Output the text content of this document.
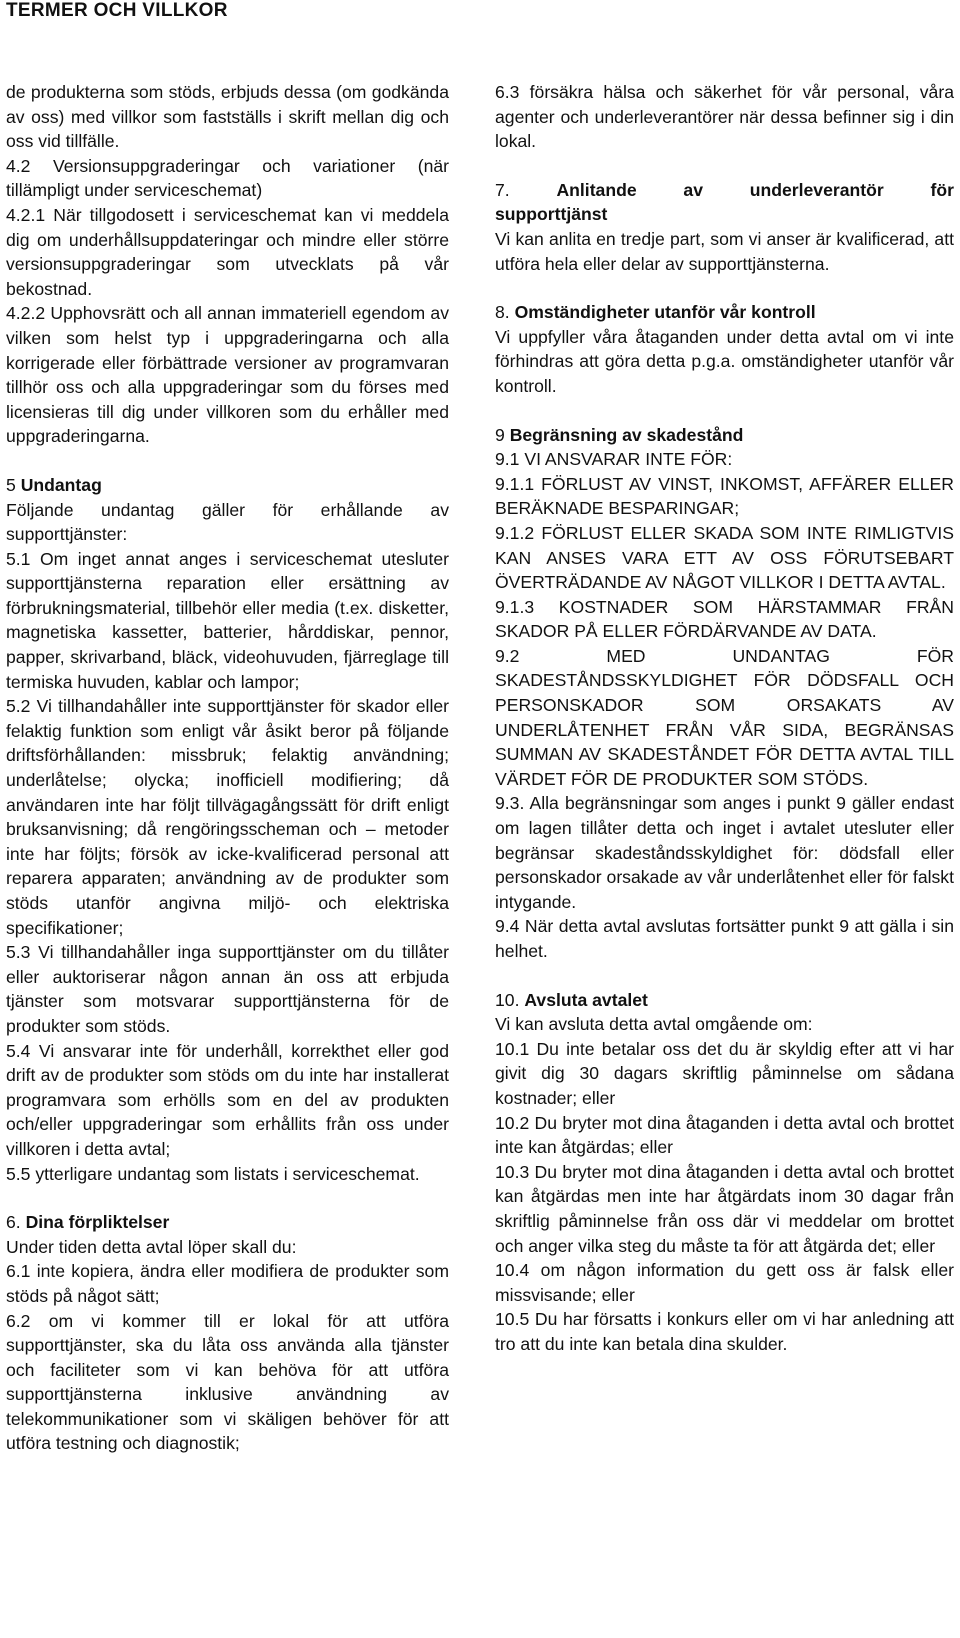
TERMER OCH VILLKOR

de produkterna som stöds, erbjuds dessa (om godkända av oss) med villkor som fastställs i skrift mellan dig och oss vid tillfälle.

4.2 Versionsuppgraderingar och variationer (när tillämpligt under serviceschemat)

4.2.1 När tillgodosett i serviceschemat kan vi meddela dig om underhållsuppdateringar och mindre eller större versionsuppgraderingar som utvecklats på vår bekostnad.

4.2.2 Upphovsrätt och all annan immateriell egendom av vilken som helst typ i uppgraderingarna och alla korrigerade eller förbättrade versioner av programvaran tillhör oss och alla uppgraderingar som du förses med licensieras till dig under villkoren som du erhåller med uppgraderingarna.

5 Undantag

Följande undantag gäller för erhållande av supporttjänster:

5.1 Om inget annat anges i serviceschemat utesluter supporttjänsterna reparation eller ersättning av förbrukningsmaterial, tillbehör eller media (t.ex. disketter, magnetiska kassetter, batterier, hårddiskar, pennor, papper, skrivarband, bläck, videohuvuden, fjärreglage till termiska huvuden, kablar och lampor;

5.2 Vi tillhandahåller inte supporttjänster för skador eller felaktig funktion som enligt vår åsikt beror på följande driftsförhållanden: missbruk; felaktig användning; underlåtelse; olycka; inofficiell modifiering; då användaren inte har följt tillvägagångssätt för drift enligt bruksanvisning; då rengöringsscheman och – metoder inte har följts; försök av icke-kvalificerad personal att reparera apparaten; användning av de produkter som stöds utanför angivna miljö- och elektriska specifikationer;

5.3 Vi tillhandahåller inga supporttjänster om du tillåter eller auktoriserar någon annan än oss att erbjuda tjänster som motsvarar supporttjänsterna för de produkter som stöds.

5.4 Vi ansvarar inte för underhåll, korrekthet eller god drift av de produkter som stöds om du inte har installerat programvara som erhölls som en del av produkten och/eller uppgraderingar som erhållits från oss under villkoren i detta avtal;

5.5 ytterligare undantag som listats i serviceschemat.

6. Dina förpliktelser

Under tiden detta avtal löper skall du:

6.1 inte kopiera, ändra eller modifiera de produkter som stöds på något sätt;

6.2 om vi kommer till er lokal för att utföra supporttjänster, ska du låta oss använda alla tjänster och faciliteter som vi kan behöva för att utföra supporttjänsterna inklusive användning av telekommunikationer som vi skäligen behöver för att utföra testning och diagnostik;

6.3 försäkra hälsa och säkerhet för vår personal, våra agenter och underleverantörer när dessa befinner sig i din lokal.

7.	Anlitande	av	underleverantör	för

supporttjänst

Vi kan anlita en tredje part, som vi anser är kvalificerad, att utföra hela eller delar av supporttjänsterna.

8. Omständigheter utanför vår kontroll

Vi uppfyller våra åtaganden under detta avtal om vi inte förhindras att göra detta p.g.a. omständigheter utanför vår kontroll.

9 Begränsning av skadestånd

9.1 VI ANSVARAR INTE FÖR:

9.1.1 FÖRLUST AV VINST, INKOMST, AFFÄRER ELLER BERÄKNADE BESPARINGAR;

9.1.2 FÖRLUST ELLER SKADA SOM INTE RIMLIGTVIS KAN ANSES VARA ETT AV OSS FÖRUTSEBART ÖVERTRÄDANDE AV NÅGOT VILLKOR I DETTA AVTAL.

9.1.3 KOSTNADER SOM HÄRSTAMMAR FRÅN SKADOR PÅ ELLER FÖRDÄRVANDE AV DATA.

9.2 MED UNDANTAG FÖR SKADESTÅNDSSKYLDIGHET FÖR DÖDSFALL OCH PERSONSKADOR SOM ORSAKATS AV UNDERLÅTENHET FRÅN VÅR SIDA, BEGRÄNSAS SUMMAN AV SKADESTÅNDET FÖR DETTA AVTAL TILL VÄRDET FÖR DE PRODUKTER SOM STÖDS.

9.3. Alla begränsningar som anges i punkt 9 gäller endast om lagen tillåter detta och inget i avtalet utesluter eller begränsar skadeståndsskyldighet för: dödsfall eller personskador orsakade av vår underlåtenhet eller för falskt intygande.

9.4 När detta avtal avslutas fortsätter punkt 9 att gälla i sin helhet.

10. Avsluta avtalet

Vi kan avsluta detta avtal omgående om:

10.1 Du inte betalar oss det du är skyldig efter att vi har givit dig 30 dagars skriftlig påminnelse om sådana kostnader; eller

10.2 Du bryter mot dina åtaganden i detta avtal och brottet inte kan åtgärdas; eller

10.3 Du bryter mot dina åtaganden i detta avtal och brottet kan åtgärdas men inte har åtgärdats inom 30 dagar från skriftlig påminnelse från oss där vi meddelar om brottet och anger vilka steg du måste ta för att åtgärda det; eller

10.4 om någon information du gett oss är falsk eller missvisande; eller

10.5 Du har försatts i konkurs eller om vi har anledning att tro att du inte kan betala dina skulder.
